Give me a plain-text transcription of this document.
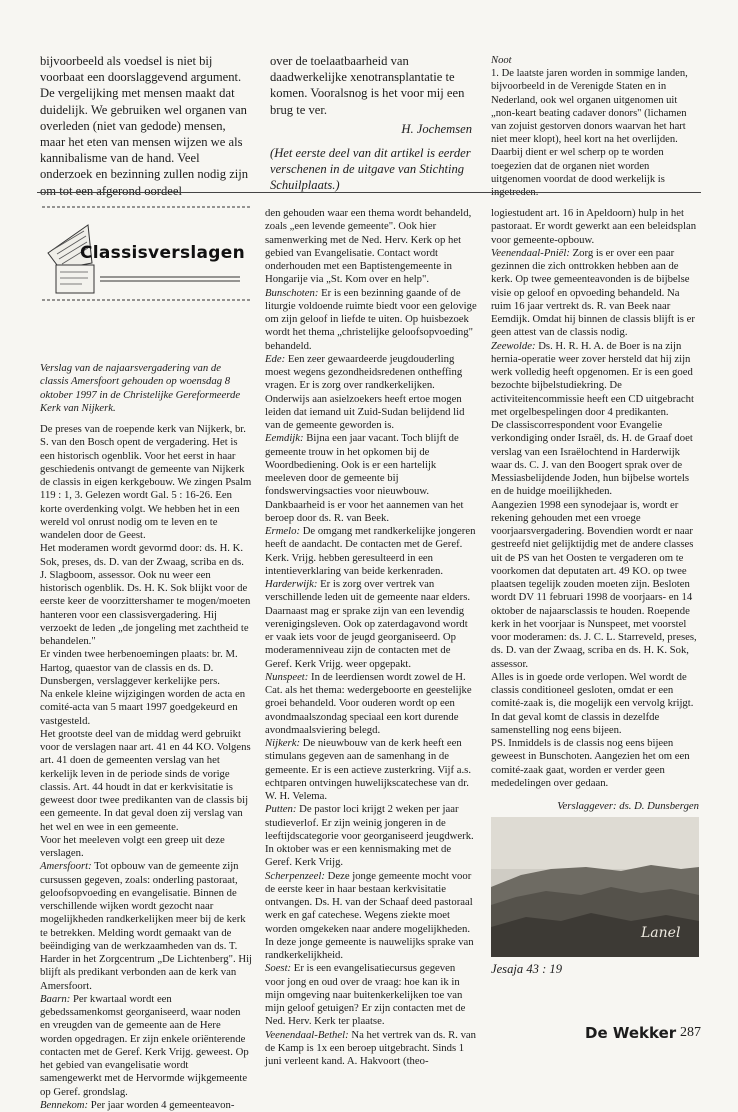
bijvoorbeeld als voedsel is niet bij voorbaat een doorslaggevend argument. De vergelijking met mensen maakt dat duidelijk. We gebruiken wel organen van overleden (niet van gedode) mensen, maar het eten van mensen wijzen we als kannibalisme van de hand. Veel onderzoek en bezinning zullen nodig zijn om tot een afgerond oordeel

over de toelaatbaarheid van daadwerkelijke xenotransplantatie te komen. Vooralsnog is het voor mij een brug te ver.

H. Jochemsen

(Het eerste deel van dit artikel is eerder verschenen in de uitgave van Stichting Schuilplaats.)

Noot

1. De laatste jaren worden in sommige landen, bijvoorbeeld in de Verenigde Staten en in Nederland, ook wel organen uitgenomen uit „non-keart beating cadaver donors" (lichamen van zojuist gestorven donors waarvan het hart niet meer klopt), heel kort na het overlijden. Daarbij dient er wel scherp op te worden toegezien dat de organen niet worden uitgenomen voordat de dood werkelijk is ingetreden.

Classisverslagen

Verslag van de najaarsvergadering van de classis Amersfoort gehouden op woensdag 8 oktober 1997 in de Christelijke Gereformeerde Kerk van Nijkerk.

De preses van de roepende kerk van Nijkerk, br. S. van den Bosch opent de vergadering. Het is een historisch ogenblik. Voor het eerst in haar geschiedenis ontvangt de gemeente van Nijkerk de classis in eigen kerkgebouw. We zingen Psalm 119 : 1, 3. Gelezen wordt Gal. 5 : 16-26. Een korte overdenking volgt. We hebben het in een wereld vol onrust nodig om te leven en te wandelen door de Geest.

Het moderamen wordt gevormd door: ds. H. K. Sok, preses, ds. D. van der Zwaag, scriba en ds. J. Slagboom, assessor. Ook nu weer een historisch ogenblik. Ds. H. K. Sok blijkt voor de eerste keer de voorzittershamer te mogen/moeten hanteren voor een classisvergadering. Hij verzoekt de leden „de jongeling met zachtheid te behandelen."

Er vinden twee herbenoemingen plaats: br. M. Hartog, quaestor van de classis en ds. D. Dunsbergen, verslaggever kerkelijke pers.

Na enkele kleine wijzigingen worden de acta en comité-acta van 5 maart 1997 goedgekeurd en vastgesteld.

Het grootste deel van de middag werd gebruikt voor de verslagen naar art. 41 en 44 KO. Volgens art. 41 doen de gemeenten verslag van het kerkelijk leven in de periode sinds de vorige classis. Art. 44 houdt in dat er kerkvisitatie is geweest door twee predikanten van de classis bij een gemeente. In dat geval doen zij verslag van het wel en wee in een gemeente.

Voor het meeleven volgt een greep uit deze verslagen.

Amersfoort: Tot opbouw van de gemeente zijn cursussen gegeven, zoals: onderling pastoraat, geloofsopvoeding en evangelisatie. Binnen de verschillende wijken wordt gezocht naar mogelijkheden randkerkelijken meer bij de kerk te betrekken. Melding wordt gemaakt van de beëindiging van de werkzaamheden van ds. T. Harder in het Zorgcentrum „De Lichtenberg". Hij blijft als predikant verbonden aan de kerk van Amersfoort.

Baarn: Per kwartaal wordt een gebedssamenkomst georganiseerd, waar noden en vreugden van de gemeente aan de Here worden opgedragen. Er zijn enkele oriënterende contacten met de Geref. Kerk Vrijg. geweest. Op het gebied van evangelisatie wordt samengewerkt met de Hervormde wijkgemeente op Geref. grondslag.

Bennekom: Per jaar worden 4 gemeenteavon-

den gehouden waar een thema wordt behandeld, zoals „een levende gemeente". Ook hier samenwerking met de Ned. Herv. Kerk op het gebied van Evangelisatie. Contact wordt onderhouden met een Baptistengemeente in Hongarije via „St. Kom over en help".

Bunschoten: Er is een bezinning gaande of de liturgie voldoende ruimte biedt voor een gelovige om zijn geloof in liefde te uiten. Op huisbezoek wordt het thema „christelijke geloofsopvoeding" behandeld.

Ede: Een zeer gewaardeerde jeugdouderling moest wegens gezondheidsredenen ontheffing vragen. Er is zorg over randkerkelijken. Onderwijs aan asielzoekers heeft ertoe mogen leiden dat iemand uit Zuid-Sudan belijdend lid van de gemeente geworden is.

Eemdijk: Bijna een jaar vacant. Toch blijft de gemeente trouw in het opkomen bij de Woordbediening. Ook is er een hartelijk meeleven door de gemeente bij fondswervingsacties voor nieuwbouw. Dankbaarheid is er voor het aannemen van het beroep door ds. R. van Beek.

Ermelo: De omgang met randkerkelijke jongeren heeft de aandacht. De contacten met de Geref. Kerk. Vrijg. hebben geresulteerd in een intentieverklaring van beide kerkenraden.

Harderwijk: Er is zorg over vertrek van verschillende leden uit de gemeente naar elders. Daarnaast mag er sprake zijn van een levendig verenigingsleven. Ook op zaterdagavond wordt er vaak iets voor de jeugd georganiseerd. Op moderamenniveau zijn de contacten met de Geref. Kerk Vrijg. weer opgepakt.

Nunspeet: In de leerdiensen wordt zowel de H. Cat. als het thema: wedergeboorte en geestelijke groei behandeld. Voor ouderen wordt op een avondmaalszondag speciaal een kort durende avondmaalsviering belegd.

Nijkerk: De nieuwbouw van de kerk heeft een stimulans gegeven aan de samenhang in de gemeente. Er is een actieve zusterkring. Vijf a.s. echtparen ontvingen huwelijkscatechese van dr. W. H. Velema.

Putten: De pastor loci krijgt 2 weken per jaar studieverlof. Er zijn weinig jongeren in de leeftijdscategorie voor georganiseerd jeugdwerk. In oktober was er een kennismaking met de Geref. Kerk Vrijg.

Scherpenzeel: Deze jonge gemeente mocht voor de eerste keer in haar bestaan kerkvisitatie ontvangen. Ds. H. van der Schaaf deed pastoraal werk en gaf catechese. Wegens ziekte moet worden omgekeken naar andere mogelijkheden. In deze jonge gemeente is nauwelijks sprake van randkerkelijkheid.

Soest: Er is een evangelisatiecursus gegeven voor jong en oud over de vraag: hoe kan ik in mijn omgeving naar buitenkerkelijken toe van mijn geloof getuigen? Er zijn contacten met de Ned. Herv. Kerk ter plaatse.

Veenendaal-Bethel: Na het vertrek van ds. R. van de Kamp is 1x een beroep uitgebracht. Sinds 1 juni verleent kand. A. Hakvoort (theo-

logiestudent art. 16 in Apeldoorn) hulp in het pastoraat. Er wordt gewerkt aan een beleidsplan voor gemeente-opbouw.

Veenendaal-Pniël: Zorg is er over een paar gezinnen die zich onttrokken hebben aan de kerk. Op twee gemeenteavonden is de bijbelse visie op geloof en opvoeding behandeld. Na ruim 16 jaar vertrekt ds. R. van Beek naar Eemdijk. Omdat hij binnen de classis blijft is er geen attest van de classis nodig.

Zeewolde: Ds. H. R. H. A. de Boer is na zijn hernia-operatie weer zover hersteld dat hij zijn werk volledig heeft opgenomen. Er is een goed bezochte bijbelstudiekring. De activiteitencommissie heeft een CD uitgebracht met orgelbespelingen door 4 predikanten.

De classiscorrespondent voor Evangelie verkondiging onder Israël, ds. H. de Graaf doet verslag van een Israëlochtend in Harderwijk waar ds. C. J. van den Boogert sprak over de Messiasbelijdende Joden, hun bijbelse wortels en de huidge moeilijkheden.

Aangezien 1998 een synodejaar is, wordt er rekening gehouden met een vroege voorjaarsvergadering. Bovendien wordt er naar gestreefd niet gelijktijdig met de andere classes uit de PS van het Oosten te vergaderen om te voorkomen dat deputaten art. 49 KO. op twee plaatsen tegelijk zouden moeten zijn. Besloten wordt DV 11 februari 1998 de voorjaars- en 14 oktober de najaarsclassis te houden. Roepende kerk in het voorjaar is Nunspeet, met voorstel voor moderamen: ds. J. C. L. Starreveld, preses, ds. D. van der Zwaag, scriba en ds. H. K. Sok, assessor.

Alles is in goede orde verlopen. Wel wordt de classis conditioneel gesloten, omdat er een comité-zaak is, die mogelijk een vervolg krijgt. In dat geval komt de classis in dezelfde samenstelling nog eens bijeen.

PS. Inmiddels is de classis nog eens bijeen geweest in Bunschoten. Aangezien het om een comité-zaak gaat, worden er verder geen mededelingen over gedaan.

Verslaggever: ds. D. Dunsbergen

Lanel
Jesaja 43 : 19
De Wekker 287
